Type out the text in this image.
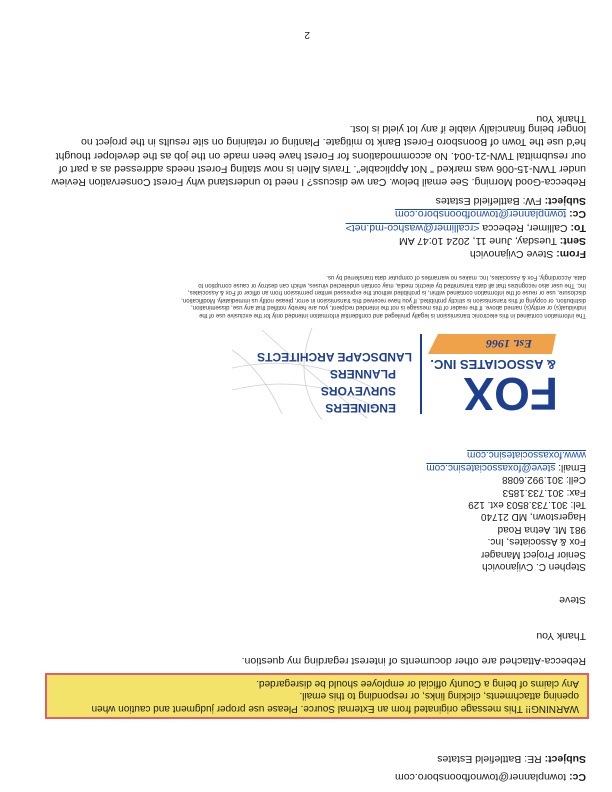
Cc: townplanner@townofboonsboro.com
Subject: RE: Battlefield Estates
WARNING!! This message originated from an External Source. Please use proper judgment and caution when
opening attachments, clicking links, or responding to this email.
Any claims of being a County official or employee should be disregarded.
Rebecca-Attached are other documents of interest regarding my question.
Thank You
Steve
Stephen C. Cvijanovich
Senior Project Manager
Fox & Associates, Inc.
981 Mt. Aetna Road
Hagerstown, MD 21740
Tel: 301.733.8503 ext. 129
Fax: 301.733.1853
Cell: 301.992.6088
Email: steve@foxassociatesinc.com
www.foxassociatesinc.com
FOX
& ASSOCIATES INC.
Est. 1966
ENGINEERS
SURVEYORS
PLANNERS
LANDSCAPE ARCHITECTS
The information contained in this electronic transmission is legally privileged and confidential information intended only for the exclusive use of the
individual(s) or entity(s) named above. If the reader of this message is not the intended recipient, you are hereby notified that any use, dissemination,
distribution, or copying of this transmission is strictly prohibited. If you have received this transmission in error, please notify us immediately. Modification,
disclosure, use or reuse of the information contained within, is prohibited without the expressed written permission from an officer of Fox & Associates,
Inc. The user also recognizes that all data transmitted by electric media, may contain undetected viruses, which can destroy or cause corruption to
data. Accordingly, Fox & Associates, Inc. makes no warranties of computer data transferred by us.
From: Steve Cvijanovich
Sent: Tuesday, June 11, 2024 10:47 AM
To: Callimer, Rebecca <rcallimer@washco-md.net>
Cc: townplanner@townofboonsboro.com
Subject: FW: Battlefield Estates
Rebecca-Good Morning. See email below. Can we discuss? I need to understand why Forest Conservation Review
under TWN-15-006 was marked " Not Applicable". Travis Allen is now stating Forest needs addressed as a part of
our resubmittal TWN-21-004. No accommodations for Forest have been made on the job as the developer thought
he'd use the Town of Boonsboro Forest Bank to mitigate. Planting or retaining on site results in the project no
longer being financially viable if any lot yield is lost.
Thank You
2
